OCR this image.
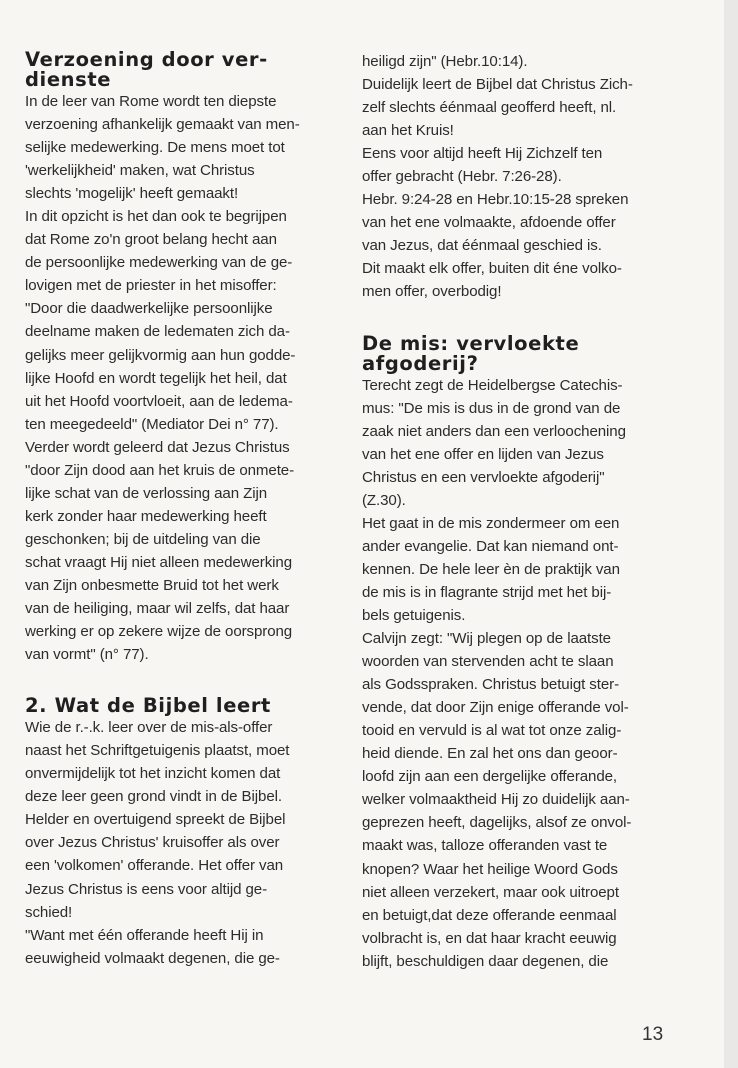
Verzoening door ver-
dienste
In de leer van Rome wordt ten diepste
verzoening afhankelijk gemaakt van men-
selijke medewerking. De mens moet tot
'werkelijkheid' maken, wat Christus
slechts 'mogelijk' heeft gemaakt!
In dit opzicht is het dan ook te begrijpen
dat Rome zo'n groot belang hecht aan
de persoonlijke medewerking van de ge-
lovigen met de priester in het misoffer:
"Door die daadwerkelijke persoonlijke
deelname maken de ledematen zich da-
gelijks meer gelijkvormig aan hun godde-
lijke Hoofd en wordt tegelijk het heil, dat
uit het Hoofd voortvloeit, aan de ledema-
ten meegedeeld" (Mediator Dei n° 77).
Verder wordt geleerd dat Jezus Christus
"door Zijn dood aan het kruis de onmete-
lijke schat van de verlossing aan Zijn
kerk zonder haar medewerking heeft
geschonken; bij de uitdeling van die
schat vraagt Hij niet alleen medewerking
van Zijn onbesmette Bruid tot het werk
van de heiliging, maar wil zelfs, dat haar
werking er op zekere wijze de oorsprong
van vormt" (n° 77).
2. Wat de Bijbel leert
Wie de r.-.k. leer over de mis-als-offer
naast het Schriftgetuigenis plaatst, moet
onvermijdelijk tot het inzicht komen dat
deze leer geen grond vindt in de Bijbel.
Helder en overtuigend spreekt de Bijbel
over Jezus Christus' kruisoffer als over
een 'volkomen' offerande. Het offer van
Jezus Christus is eens voor altijd ge-
schied!
"Want met één offerande heeft Hij in
eeuwigheid volmaakt degenen, die ge-
heiligd zijn" (Hebr.10:14).
Duidelijk leert de Bijbel dat Christus Zich-
zelf slechts éénmaal geofferd heeft, nl.
aan het Kruis!
Eens voor altijd heeft Hij Zichzelf ten
offer gebracht (Hebr. 7:26-28).
Hebr. 9:24-28 en Hebr.10:15-28 spreken
van het ene volmaakte, afdoende offer
van Jezus, dat éénmaal geschied is.
Dit maakt elk offer, buiten dit éne volko-
men offer, overbodig!
De mis: vervloekte
afgoderij?
Terecht zegt de Heidelbergse Catechis-
mus: "De mis is dus in de grond van de
zaak niet anders dan een verloochening
van het ene offer en lijden van Jezus
Christus en een vervloekte afgoderij"
(Z.30).
Het gaat in de mis zondermeer om een
ander evangelie. Dat kan niemand ont-
kennen. De hele leer èn de praktijk van
de mis is in flagrante strijd met het bij-
bels getuigenis.
Calvijn zegt: "Wij plegen op de laatste
woorden van stervenden acht te slaan
als Godsspraken. Christus betuigt ster-
vende, dat door Zijn enige offerande vol-
tooid en vervuld is al wat tot onze zalig-
heid diende. En zal het ons dan geoor-
loofd zijn aan een dergelijke offerande,
welker volmaaktheid Hij zo duidelijk aan-
geprezen heeft, dagelijks, alsof ze onvol-
maakt was, talloze offeranden vast te
knopen? Waar het heilige Woord Gods
niet alleen verzekert, maar ook uitroept
en betuigt,dat deze offerande eenmaal
volbracht is, en dat haar kracht eeuwig
blijft, beschuldigen daar degenen, die
13
